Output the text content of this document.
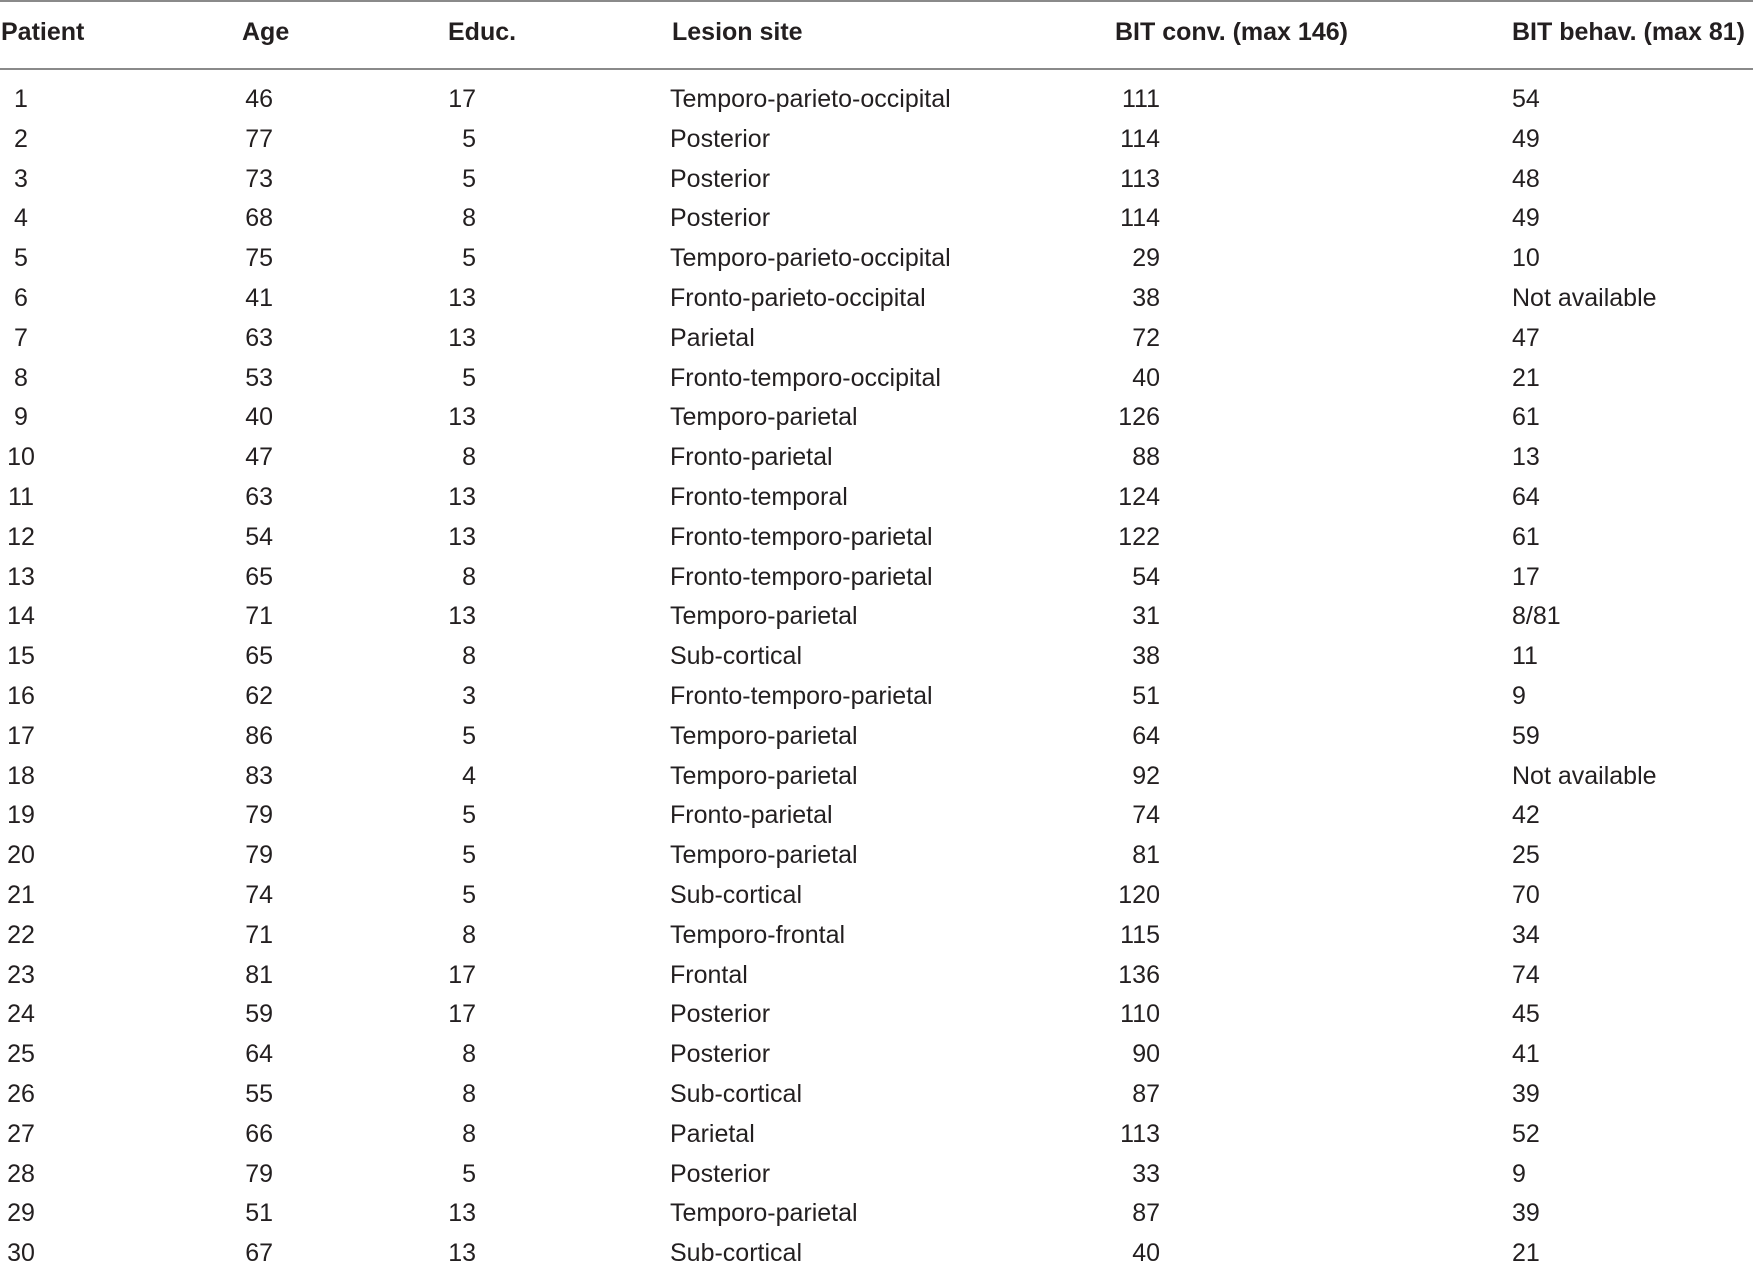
Patient	Age	Educ.	Lesion site	BIT conv. (max 146)	BIT behav. (max 81)
1	46	17	Temporo-parieto-occipital	111	54
2	77	5	Posterior	114	49
3	73	5	Posterior	113	48
4	68	8	Posterior	114	49
5	75	5	Temporo-parieto-occipital	29	10
6	41	13	Fronto-parieto-occipital	38	Not available
7	63	13	Parietal	72	47
8	53	5	Fronto-temporo-occipital	40	21
9	40	13	Temporo-parietal	126	61
10	47	8	Fronto-parietal	88	13
11	63	13	Fronto-temporal	124	64
12	54	13	Fronto-temporo-parietal	122	61
13	65	8	Fronto-temporo-parietal	54	17
14	71	13	Temporo-parietal	31	8/81
15	65	8	Sub-cortical	38	11
16	62	3	Fronto-temporo-parietal	51	9
17	86	5	Temporo-parietal	64	59
18	83	4	Temporo-parietal	92	Not available
19	79	5	Fronto-parietal	74	42
20	79	5	Temporo-parietal	81	25
21	74	5	Sub-cortical	120	70
22	71	8	Temporo-frontal	115	34
23	81	17	Frontal	136	74
24	59	17	Posterior	110	45
25	64	8	Posterior	90	41
26	55	8	Sub-cortical	87	39
27	66	8	Parietal	113	52
28	79	5	Posterior	33	9
29	51	13	Temporo-parietal	87	39
30	67	13	Sub-cortical	40	21
